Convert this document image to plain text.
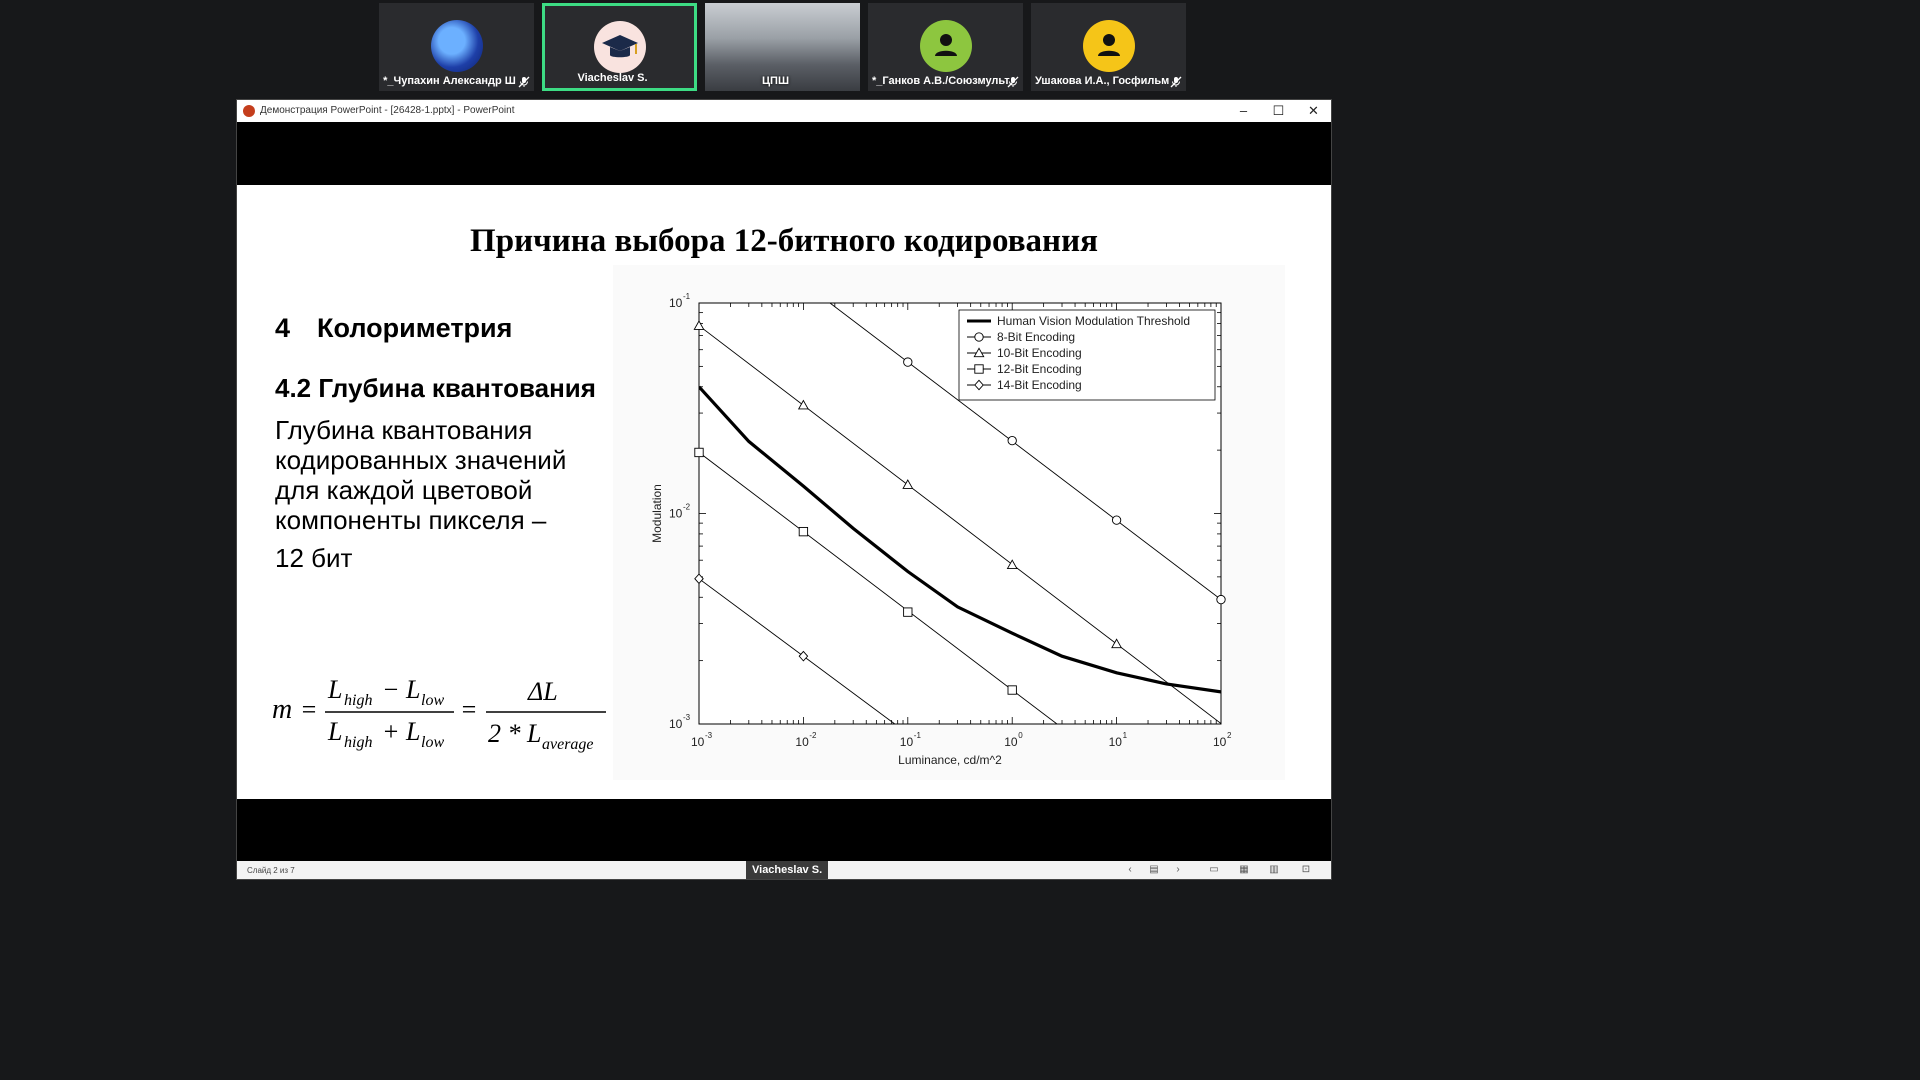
*_Чупахин Александр Ш	Viacheslav S.	ЦПШ	*_Ганков А.В./Союзмульт	Ушакова И.А., Госфильм
Демонстрация PowerPoint - [26428-1.pptx] - PowerPoint	–	☐	✕
Причина выбора 12-битного кодирования
4 Колориметрия
4.2 Глубина квантования
Глубина квантования кодированных значений для каждой цветовой компоненты пикселя –
12 бит
m =
L high − L low
L high + L low
=
ΔL
2 * L average	10 -3	10 -2	10 -1	10 0	10 1	10 2
10 -3
10 -2
10 -1
Luminance, cd/m^2
Modulation
Human Vision Modulation Threshold
8-Bit Encoding
10-Bit Encoding
12-Bit Encoding
14-Bit Encoding
Слайд 2 из 7	Viacheslav S.	‹	▤	›	▭ ▦ ▥ ⊡
